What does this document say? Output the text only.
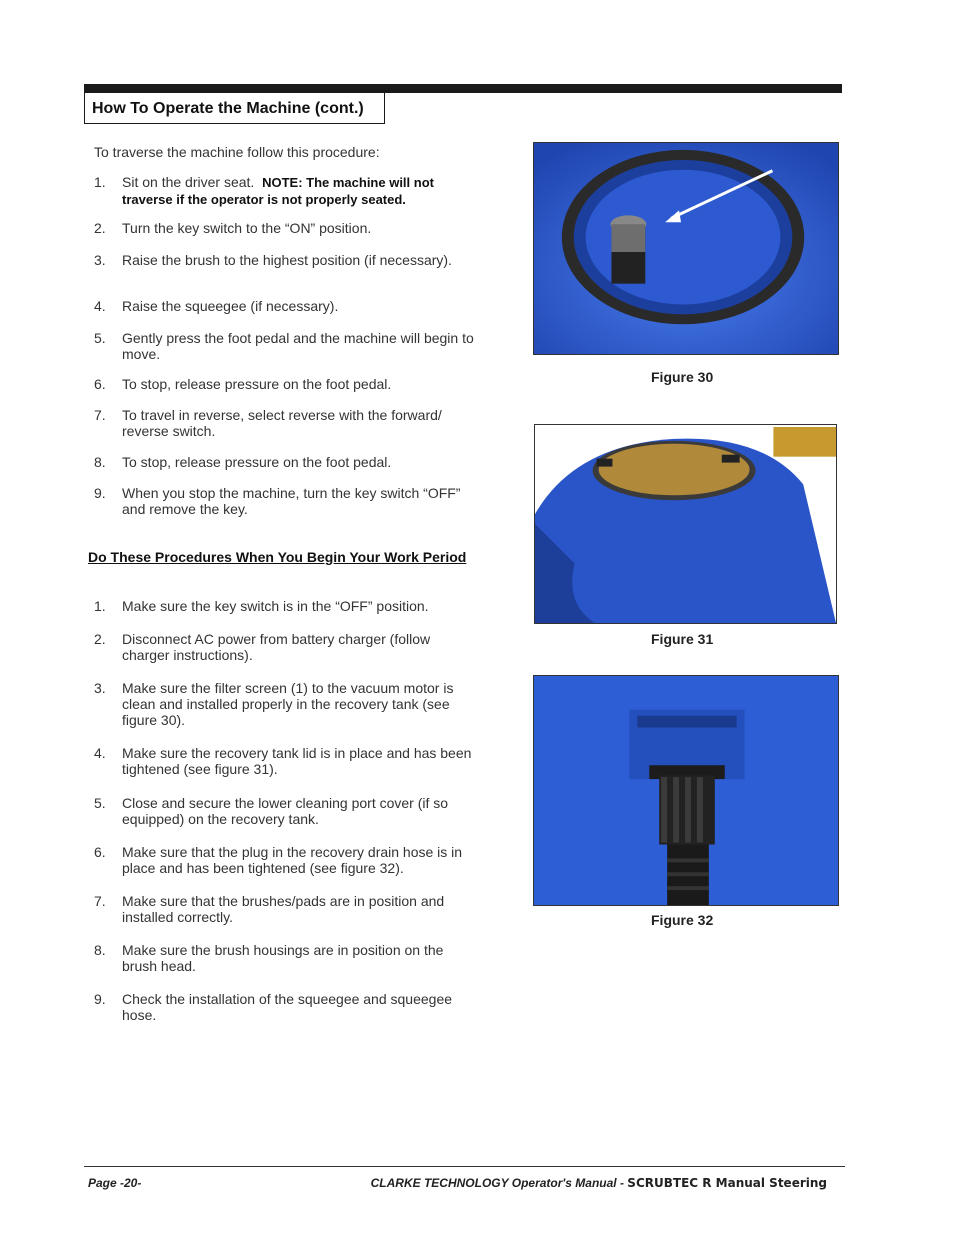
How To Operate the Machine (cont.)
To traverse the machine follow this procedure:
1.	Sit on the driver seat. NOTE: The machine will not traverse if the operator is not properly seated.
2.	Turn the key switch to the “ON” position.
3.	Raise the brush to the highest position (if necessary).
4.	Raise the squeegee (if necessary).
5.	Gently press the foot pedal and the machine will begin to move.
6.	To stop, release pressure on the foot pedal.
7.	To travel in reverse, select reverse with the forward/ reverse switch.
8.	To stop, release pressure on the foot pedal.
9.	When you stop the machine, turn the key switch “OFF” and remove the key.
Do These Procedures When You Begin Your Work Period
1.	Make sure the key switch is in the “OFF” position.
2.	Disconnect AC power from battery charger (follow charger instructions).
3.	Make sure the filter screen (1) to the vacuum motor is clean and installed properly in the recovery tank (see figure 30).
4.	Make sure the recovery tank lid is in place and has been tightened (see figure 31).
5.	Close and secure the lower cleaning port cover (if so equipped) on the recovery tank.
6.	Make sure that the plug in the recovery drain hose is in place and has been tightened (see figure 32).
7.	Make sure that the brushes/pads are in position and installed correctly.
8.	Make sure the brush housings are in position on the brush head.
9.	Check the installation of the squeegee and squeegee hose.
Figure 30
Figure 31
Figure 32
Page -20-	CLARKE TECHNOLOGY Operator's Manual - SCRUBTEC R Manual Steering
